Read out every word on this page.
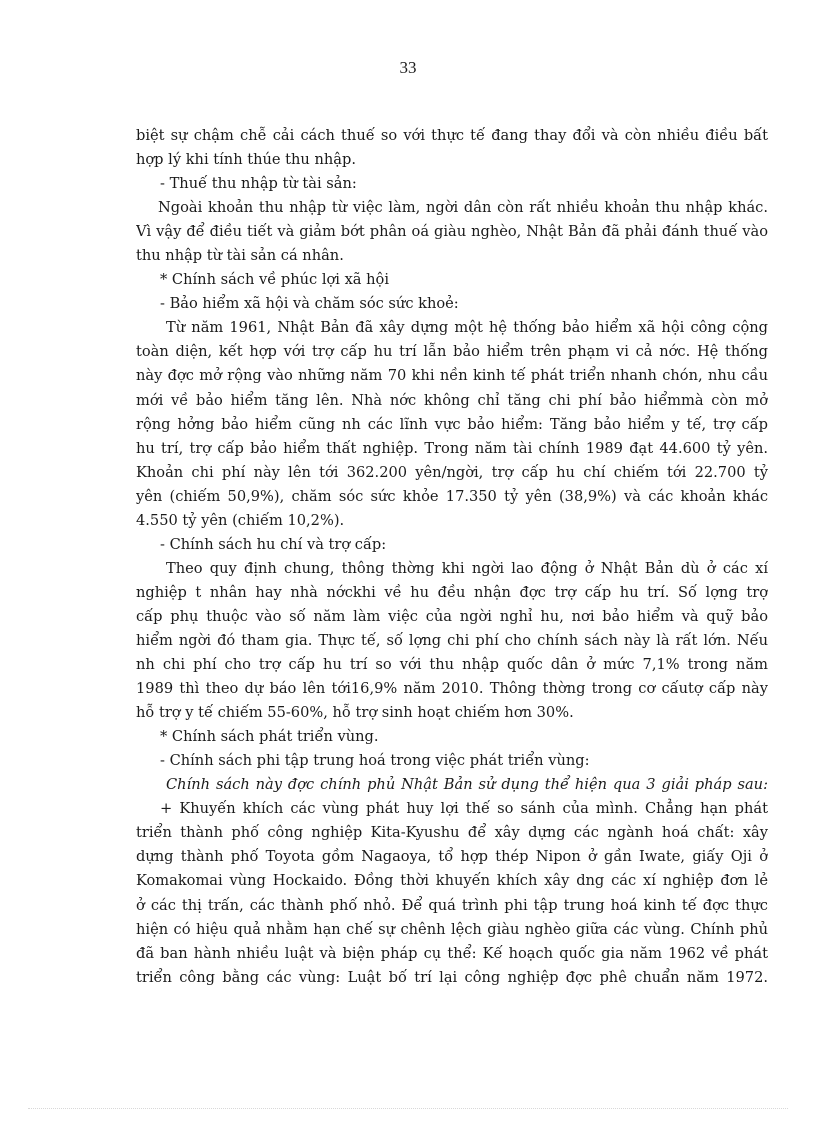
33
biệt sự chậm chễ cải cách thuế so với thực tế đang thay đổi và còn nhiều điều bất
hợp lý khi tính thúe thu nhập.
- Thuế thu nhập từ tài sản:
Ngoài khoản thu nhập từ việc làm, ngời dân còn rất nhiều khoản thu nhập khác.
Vì vậy để điều tiết và giảm bớt phân oá giàu nghèo, Nhật Bản đã phải đánh thuế vào
thu nhập từ tài sản cá nhân.
* Chính sách về phúc lợi xã hội
- Bảo hiểm xã hội và chăm sóc sức khoẻ:
Từ năm 1961, Nhật Bản đã xây dựng một hệ thống bảo hiểm xã hội công cộng
toàn diện, kết hợp với trợ cấp hu trí lẫn bảo hiểm trên phạm vi cả nớc. Hệ thống
này đợc mở rộng vào những năm 70 khi nền kinh tế phát triển nhanh chón, nhu cầu
mới về bảo hiểm tăng lên. Nhà nớc không chỉ tăng chi phí bảo hiểmmà còn mở
rộng hởng bảo hiểm cũng nh các lĩnh vực bảo hiểm: Tăng bảo hiểm y tế, trợ cấp
hu trí, trợ cấp bảo hiểm thất nghiệp. Trong năm tài chính 1989 đạt 44.600 tỷ yên.
Khoản chi phí này lên tới 362.200 yên/ngời, trợ cấp hu chí chiếm tới 22.700 tỷ
yên (chiếm 50,9%), chăm sóc sức khỏe 17.350 tỷ yên (38,9%) và các khoản khác
4.550 tỷ yên (chiếm 10,2%).
- Chính sách hu chí và trợ cấp:
Theo quy định chung, thông thờng khi ngời lao động ở Nhật Bản dù ở các xí
nghiệp t nhân hay nhà nớckhi về hu đều nhận đợc trợ cấp hu trí. Số lợng trợ
cấp phụ thuộc vào số năm làm việc của ngời nghỉ hu, nơi bảo hiểm và quỹ bảo
hiểm ngời đó tham gia. Thực tế, số lợng chi phí cho chính sách này là rất lớn. Nếu
nh chi phí cho trợ cấp hu trí so với thu nhập quốc dân ở mức 7,1% trong năm
1989 thì theo dự báo lên tới16,9% năm 2010. Thông thờng trong cơ cấutợ cấp này
hỗ trợ y tế chiếm 55-60%, hỗ trợ sinh hoạt chiếm hơn 30%.
* Chính sách phát triển vùng.
- Chính sách phi tập trung hoá trong việc phát triển vùng:
Chính sách này đợc chính phủ Nhật Bản sử dụng thể hiện qua 3 giải pháp sau:
+ Khuyến khích các vùng phát huy lợi thế so sánh của mình. Chẳng hạn phát
triển thành phố công nghiệp Kita-Kyushu để xây dựng các ngành hoá chất: xây
dựng thành phố Toyota gồm Nagaoya, tổ hợp thép Nipon ở gần Iwate, giấy Oji ở
Komakomai vùng Hockaido. Đồng thời khuyến khích xây dng các xí nghiệp đơn lẻ
ở các thị trấn, các thành phố nhỏ. Để quá trình phi tập trung hoá kinh tế đợc thực
hiện có hiệu quả nhằm hạn chế sự chênh lệch giàu nghèo giữa các vùng. Chính phủ
đã ban hành nhiều luật và biện pháp cụ thể: Kế hoạch quốc gia năm 1962 về phát
triển công bằng các vùng: Luật bố trí lại công nghiệp đợc phê chuẩn năm 1972.
